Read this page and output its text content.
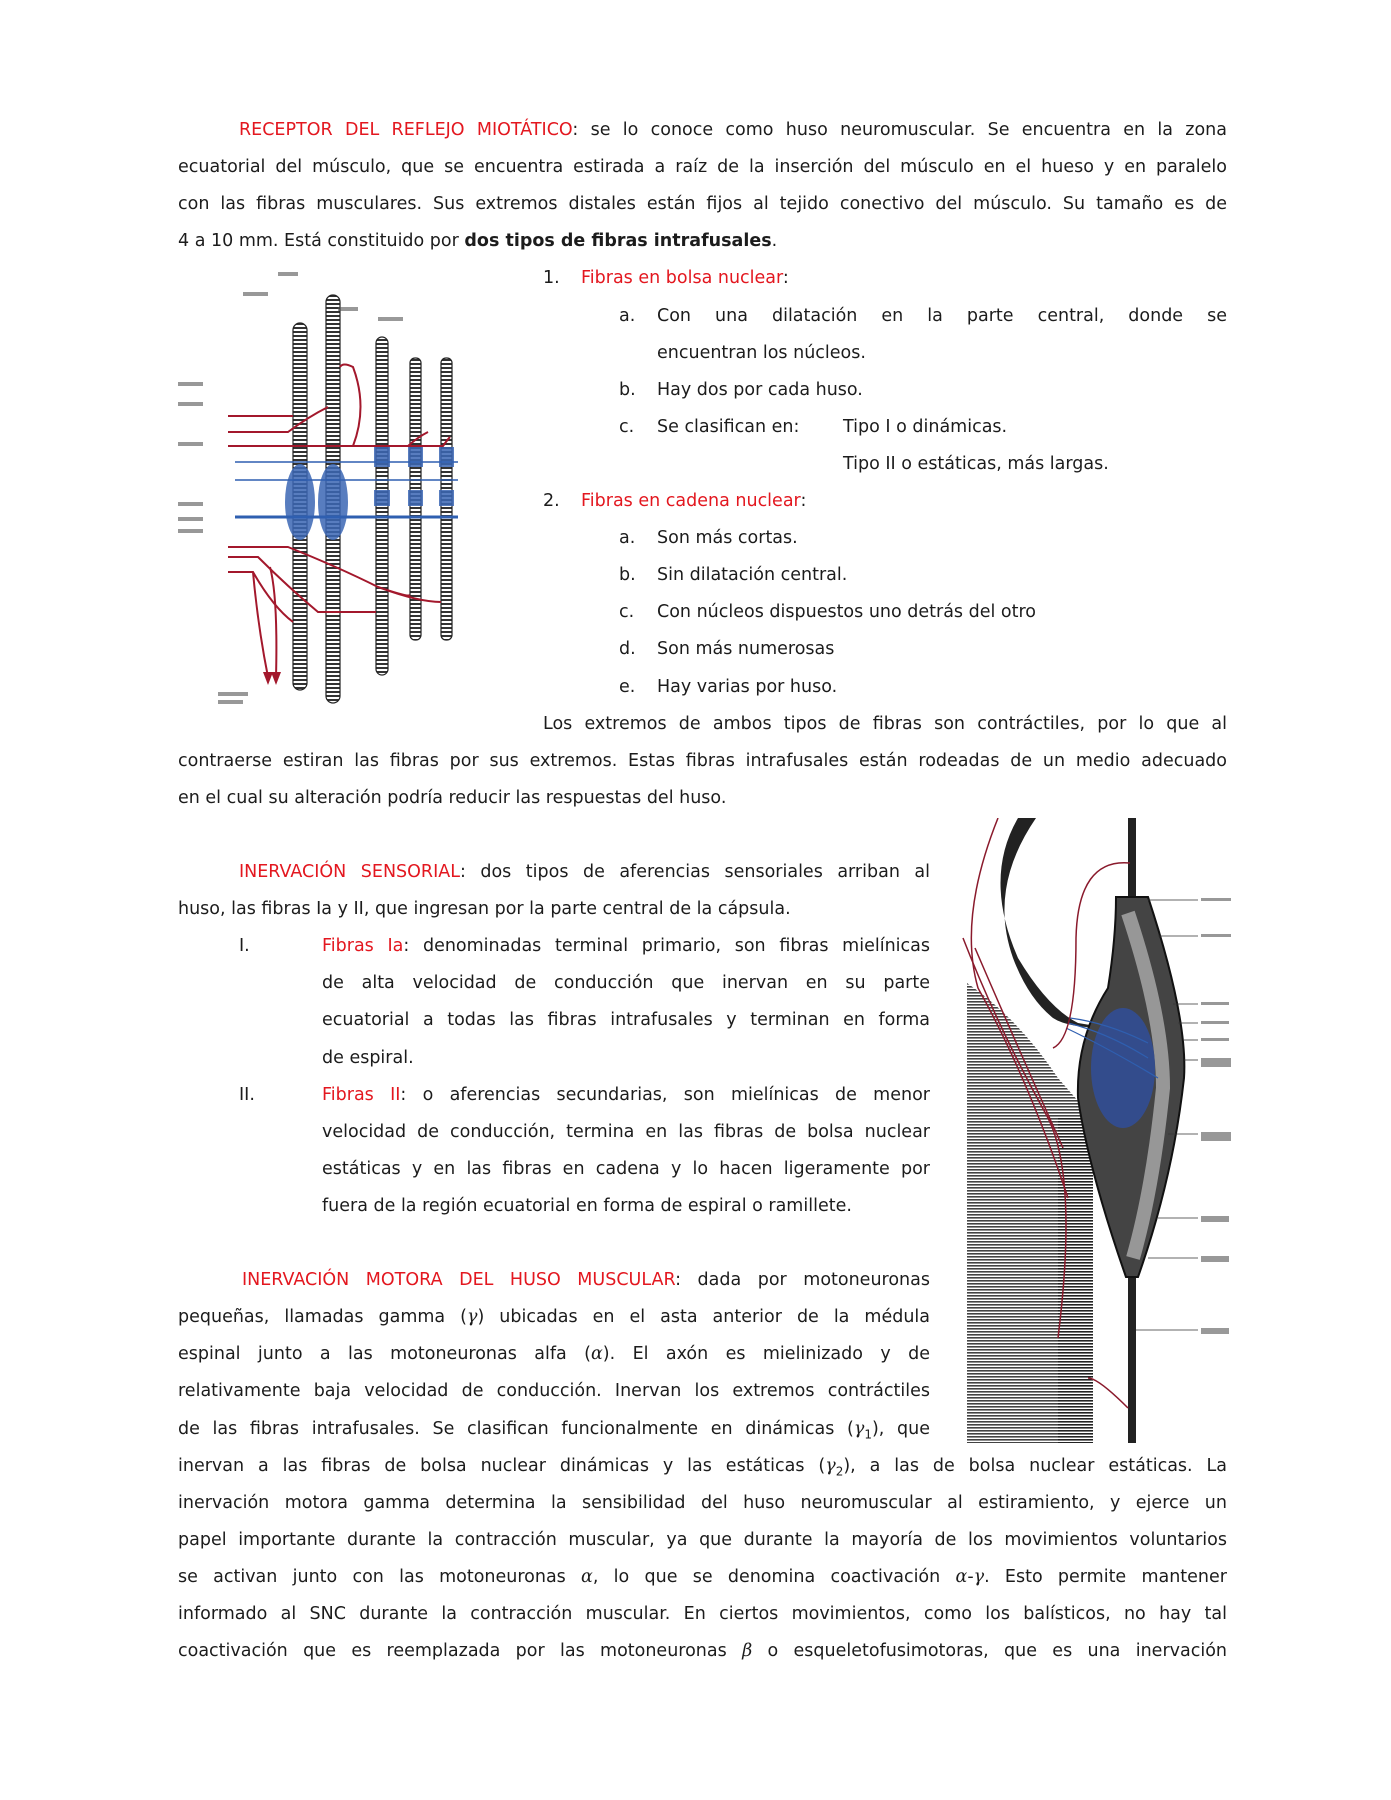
RECEPTOR DEL REFLEJO MIOTÁTICO: se lo conoce como huso neuromuscular. Se encuentra en la zona
ecuatorial del músculo, que se encuentra estirada a raíz de la inserción del músculo en el hueso y en paralelo
con las fibras musculares. Sus extremos distales están fijos al tejido conectivo del músculo. Su tamaño es de
4 a 10 mm. Está constituido por dos tipos de fibras intrafusales.
1. Fibras en bolsa nuclear:
a. Con una dilatación en la parte central, donde se
encuentran los núcleos.
b. Hay dos por cada huso.
c. Se clasifican en: Tipo I o dinámicas.
Tipo II o estáticas, más largas.
2. Fibras en cadena nuclear:
a. Son más cortas.
b. Sin dilatación central.
c. Con núcleos dispuestos uno detrás del otro
d. Son más numerosas
e. Hay varias por huso.
Los extremos de ambos tipos de fibras son contráctiles, por lo que al
contraerse estiran las fibras por sus extremos. Estas fibras intrafusales están rodeadas de un medio adecuado
en el cual su alteración podría reducir las respuestas del huso.
INERVACIÓN SENSORIAL: dos tipos de aferencias sensoriales arriban al
huso, las fibras Ia y II, que ingresan por la parte central de la cápsula.
I.	Fibras Ia: denominadas terminal primario, son fibras mielínicas
de alta velocidad de conducción que inervan en su parte
ecuatorial a todas las fibras intrafusales y terminan en forma
de espiral.
II.	Fibras II: o aferencias secundarias, son mielínicas de menor
velocidad de conducción, termina en las fibras de bolsa nuclear
estáticas y en las fibras en cadena y lo hacen ligeramente por
fuera de la región ecuatorial en forma de espiral o ramillete.
INERVACIÓN MOTORA DEL HUSO MUSCULAR: dada por motoneuronas
pequeñas, llamadas gamma (γ) ubicadas en el asta anterior de la médula
espinal junto a las motoneuronas alfa (α). El axón es mielinizado y de
relativamente baja velocidad de conducción. Inervan los extremos contráctiles
de las fibras intrafusales. Se clasifican funcionalmente en dinámicas $(\gamma_1)$, que
inervan a las fibras de bolsa nuclear dinámicas y las estáticas $(\gamma_2)$, a las de bolsa nuclear estáticas. La
inervación motora gamma determina la sensibilidad del huso neuromuscular al estiramiento, y ejerce un
papel importante durante la contracción muscular, ya que durante la mayoría de los movimientos voluntarios
se activan junto con las motoneuronas α, lo que se denomina coactivación α-γ. Esto permite mantener
informado al SNC durante la contracción muscular. En ciertos movimientos, como los balísticos, no hay tal
coactivación que es reemplazada por las motoneuronas β o esqueletofusimotoras, que es una inervación
